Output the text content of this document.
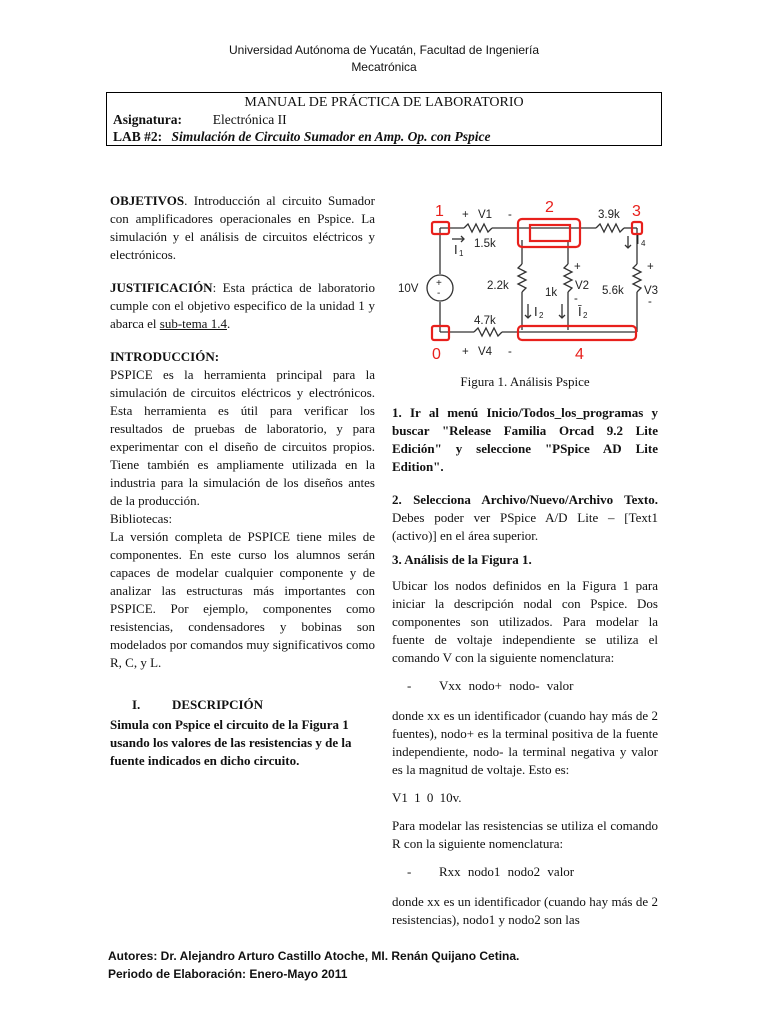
Universidad Autónoma de Yucatán, Facultad de Ingeniería
Mecatrónica
MANUAL DE PRÁCTICA DE LABORATORIO
Asignatura: Electrónica II
LAB #2: Simulación de Circuito Sumador en Amp. Op. con Pspice

OBJETIVOS. Introducción al circuito Sumador con amplificadores operacionales en Pspice. La simulación y el análisis de circuitos eléctricos y electrónicos.

JUSTIFICACIÓN: Esta práctica de laboratorio cumple con el objetivo especifico de la unidad 1 y abarca el sub-tema 1.4.

INTRODUCCIÓN:
PSPICE es la herramienta principal para la simulación de circuitos eléctricos y electrónicos. Esta herramienta es útil para verificar los resultados de pruebas de laboratorio, y para experimentar con el diseño de circuitos propios. Tiene también es ampliamente utilizada en la industria para la simulación de los diseños antes de la producción.
Bibliotecas:
La versión completa de PSPICE tiene miles de componentes. En este curso los alumnos serán capaces de modelar cualquier componente y de analizar las estructuras más importantes con PSPICE. Por ejemplo, componentes como resistencias, condensadores y bobinas son modelados por comandos muy significativos como R, C, y L.
I. DESCRIPCIÓN
Simula con Pspice el circuito de la Figura 1 usando los valores de las resistencias y de la fuente indicados en dicho circuito.
1	2	3
0	4
+ V1 -
1.5k
3.9k
I 1
I 4
10V +
-
2.2k
+
1k
V2
-
5.6k
+
V3
-
I 2	Ī 2
4.7k
+ V4 -
Figura 1. Análisis Pspice

1. Ir al menú Inicio/Todos_los_programas y buscar "Release Familia Orcad 9.2 Lite Edición" y seleccione "PSpice AD Lite Edition".

2. Selecciona Archivo/Nuevo/Archivo Texto. Debes poder ver PSpice A/D Lite – [Text1 (activo)] en el área superior.

3. Análisis de la Figura 1.

Ubicar los nodos definidos en la Figura 1 para iniciar la descripción nodal con Pspice. Dos componentes son utilizados. Para modelar la fuente de voltaje independiente se utiliza el comando V con la siguiente nomenclatura:

- Vxx nodo+ nodo- valor

donde xx es un identificador (cuando hay más de 2 fuentes), nodo+ es la terminal positiva de la fuente independiente, nodo- la terminal negativa y valor es la magnitud de voltaje. Esto es:

V1 1 0 10v.

Para modelar las resistencias se utiliza el comando R con la siguiente nomenclatura:

- Rxx nodo1 nodo2 valor

donde xx es un identificador (cuando hay más de 2 resistencias), nodo1 y nodo2 son las

Autores: Dr. Alejandro Arturo Castillo Atoche, MI. Renán Quijano Cetina.
Periodo de Elaboración: Enero-Mayo 2011
